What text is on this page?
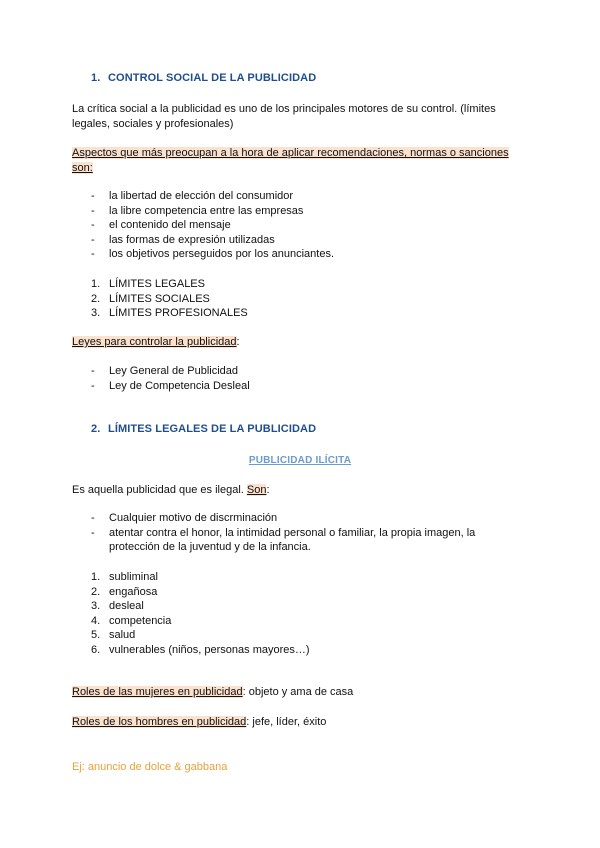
1. CONTROL SOCIAL DE LA PUBLICIDAD
La crítica social a la publicidad es uno de los principales motores de su control. (límites legales, sociales y profesionales)
Aspectos que más preocupan a la hora de aplicar recomendaciones, normas o sanciones son:
- la libertad de elección del consumidor
- la libre competencia entre las empresas
- el contenido del mensaje
- las formas de expresión utilizadas
- los objetivos perseguidos por los anunciantes.
1. LÍMITES LEGALES
2. LÍMITES SOCIALES
3. LÍMITES PROFESIONALES
Leyes para controlar la publicidad:
- Ley General de Publicidad
- Ley de Competencia Desleal
2. LÍMITES LEGALES DE LA PUBLICIDAD
PUBLICIDAD ILÍCITA
Es aquella publicidad que es ilegal. Son:
- Cualquier motivo de discrminación
- atentar contra el honor, la intimidad personal o familiar, la propia imagen, la protección de la juventud y de la infancia.
1. subliminal
2. engañosa
3. desleal
4. competencia
5. salud
6. vulnerables (niños, personas mayores…)
Roles de las mujeres en publicidad: objeto y ama de casa
Roles de los hombres en publicidad: jefe, líder, éxito
Ej: anuncio de dolce & gabbana
